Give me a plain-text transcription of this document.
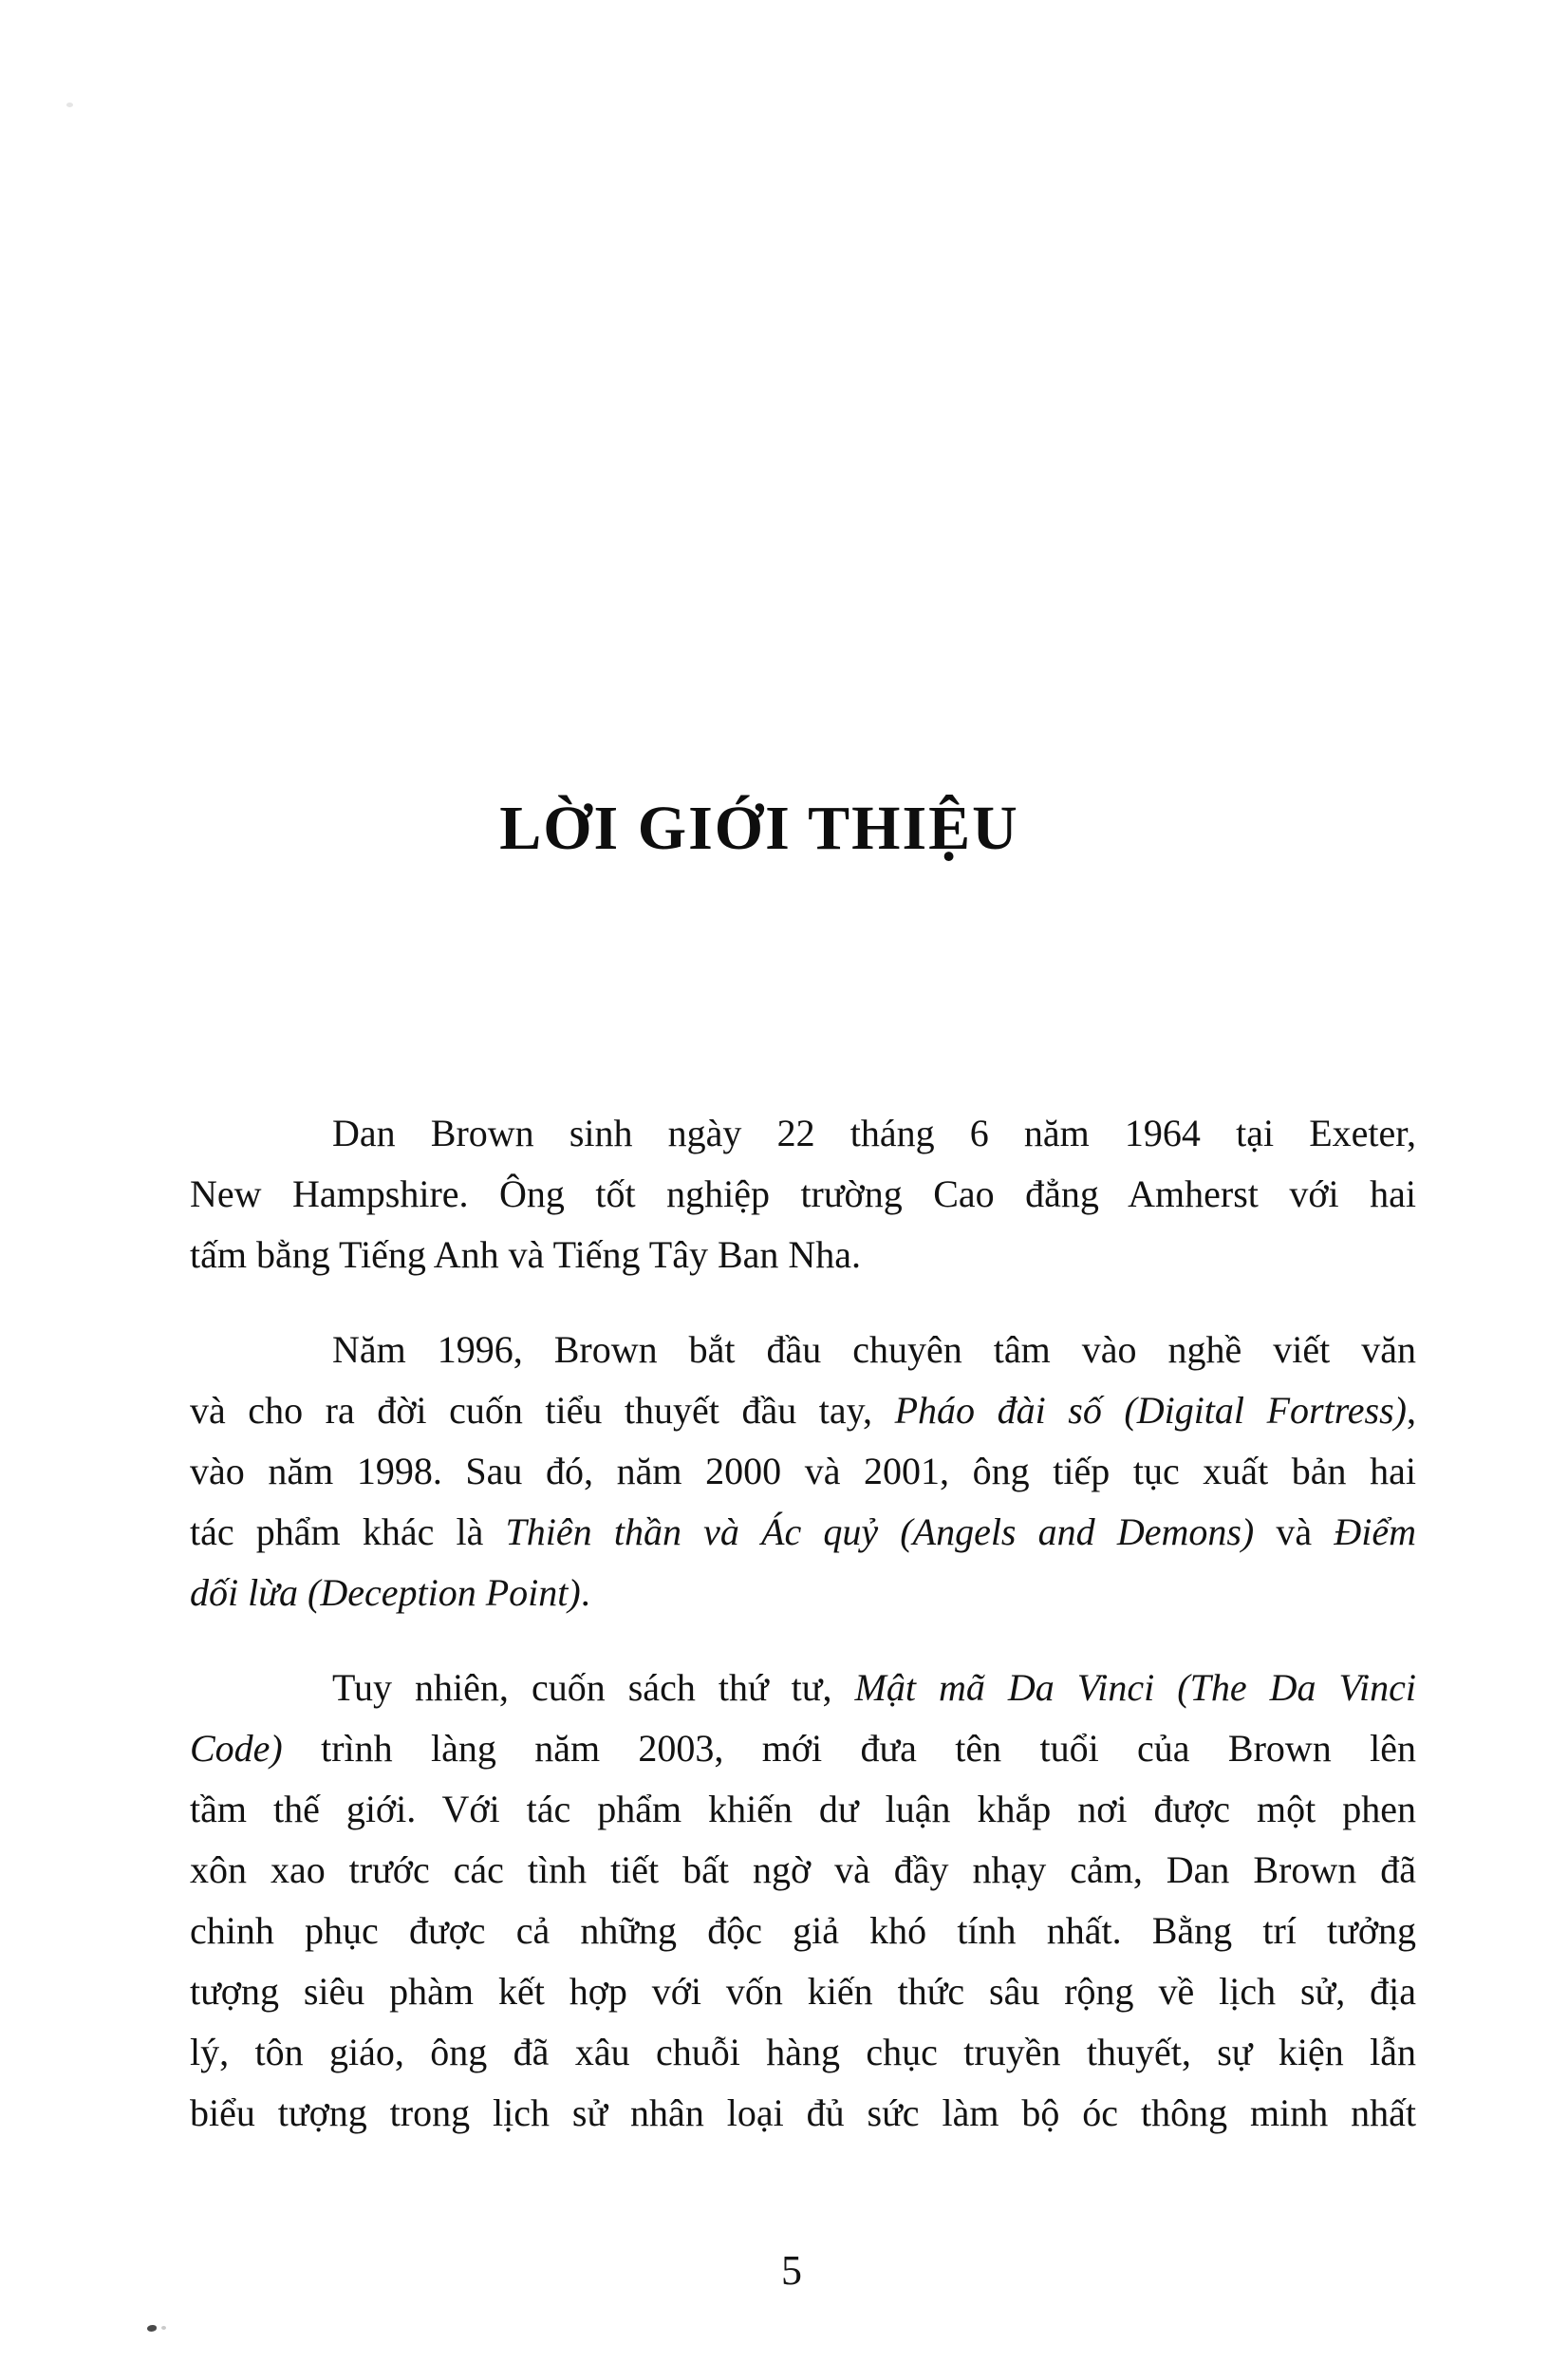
LỜI GIỚI THIỆU
Dan Brown sinh ngày 22 tháng 6 năm 1964 tại Exeter,
New Hampshire. Ông tốt nghiệp trường Cao đẳng Amherst với hai
tấm bằng Tiếng Anh và Tiếng Tây Ban Nha.
Năm 1996, Brown bắt đầu chuyên tâm vào nghề viết văn
và cho ra đời cuốn tiểu thuyết đầu tay, Pháo đài số (Digital Fortress),
vào năm 1998. Sau đó, năm 2000 và 2001, ông tiếp tục xuất bản hai
tác phẩm khác là Thiên thần và Ác quỷ (Angels and Demons) và Điểm
dối lừa (Deception Point).
Tuy nhiên, cuốn sách thứ tư, Mật mã Da Vinci (The Da Vinci
Code) trình làng năm 2003, mới đưa tên tuổi của Brown lên
tầm thế giới. Với tác phẩm khiến dư luận khắp nơi được một phen
xôn xao trước các tình tiết bất ngờ và đầy nhạy cảm, Dan Brown đã
chinh phục được cả những độc giả khó tính nhất. Bằng trí tưởng
tượng siêu phàm kết hợp với vốn kiến thức sâu rộng về lịch sử, địa
lý, tôn giáo, ông đã xâu chuỗi hàng chục truyền thuyết, sự kiện lẫn
biểu tượng trong lịch sử nhân loại đủ sức làm bộ óc thông minh nhất
5
